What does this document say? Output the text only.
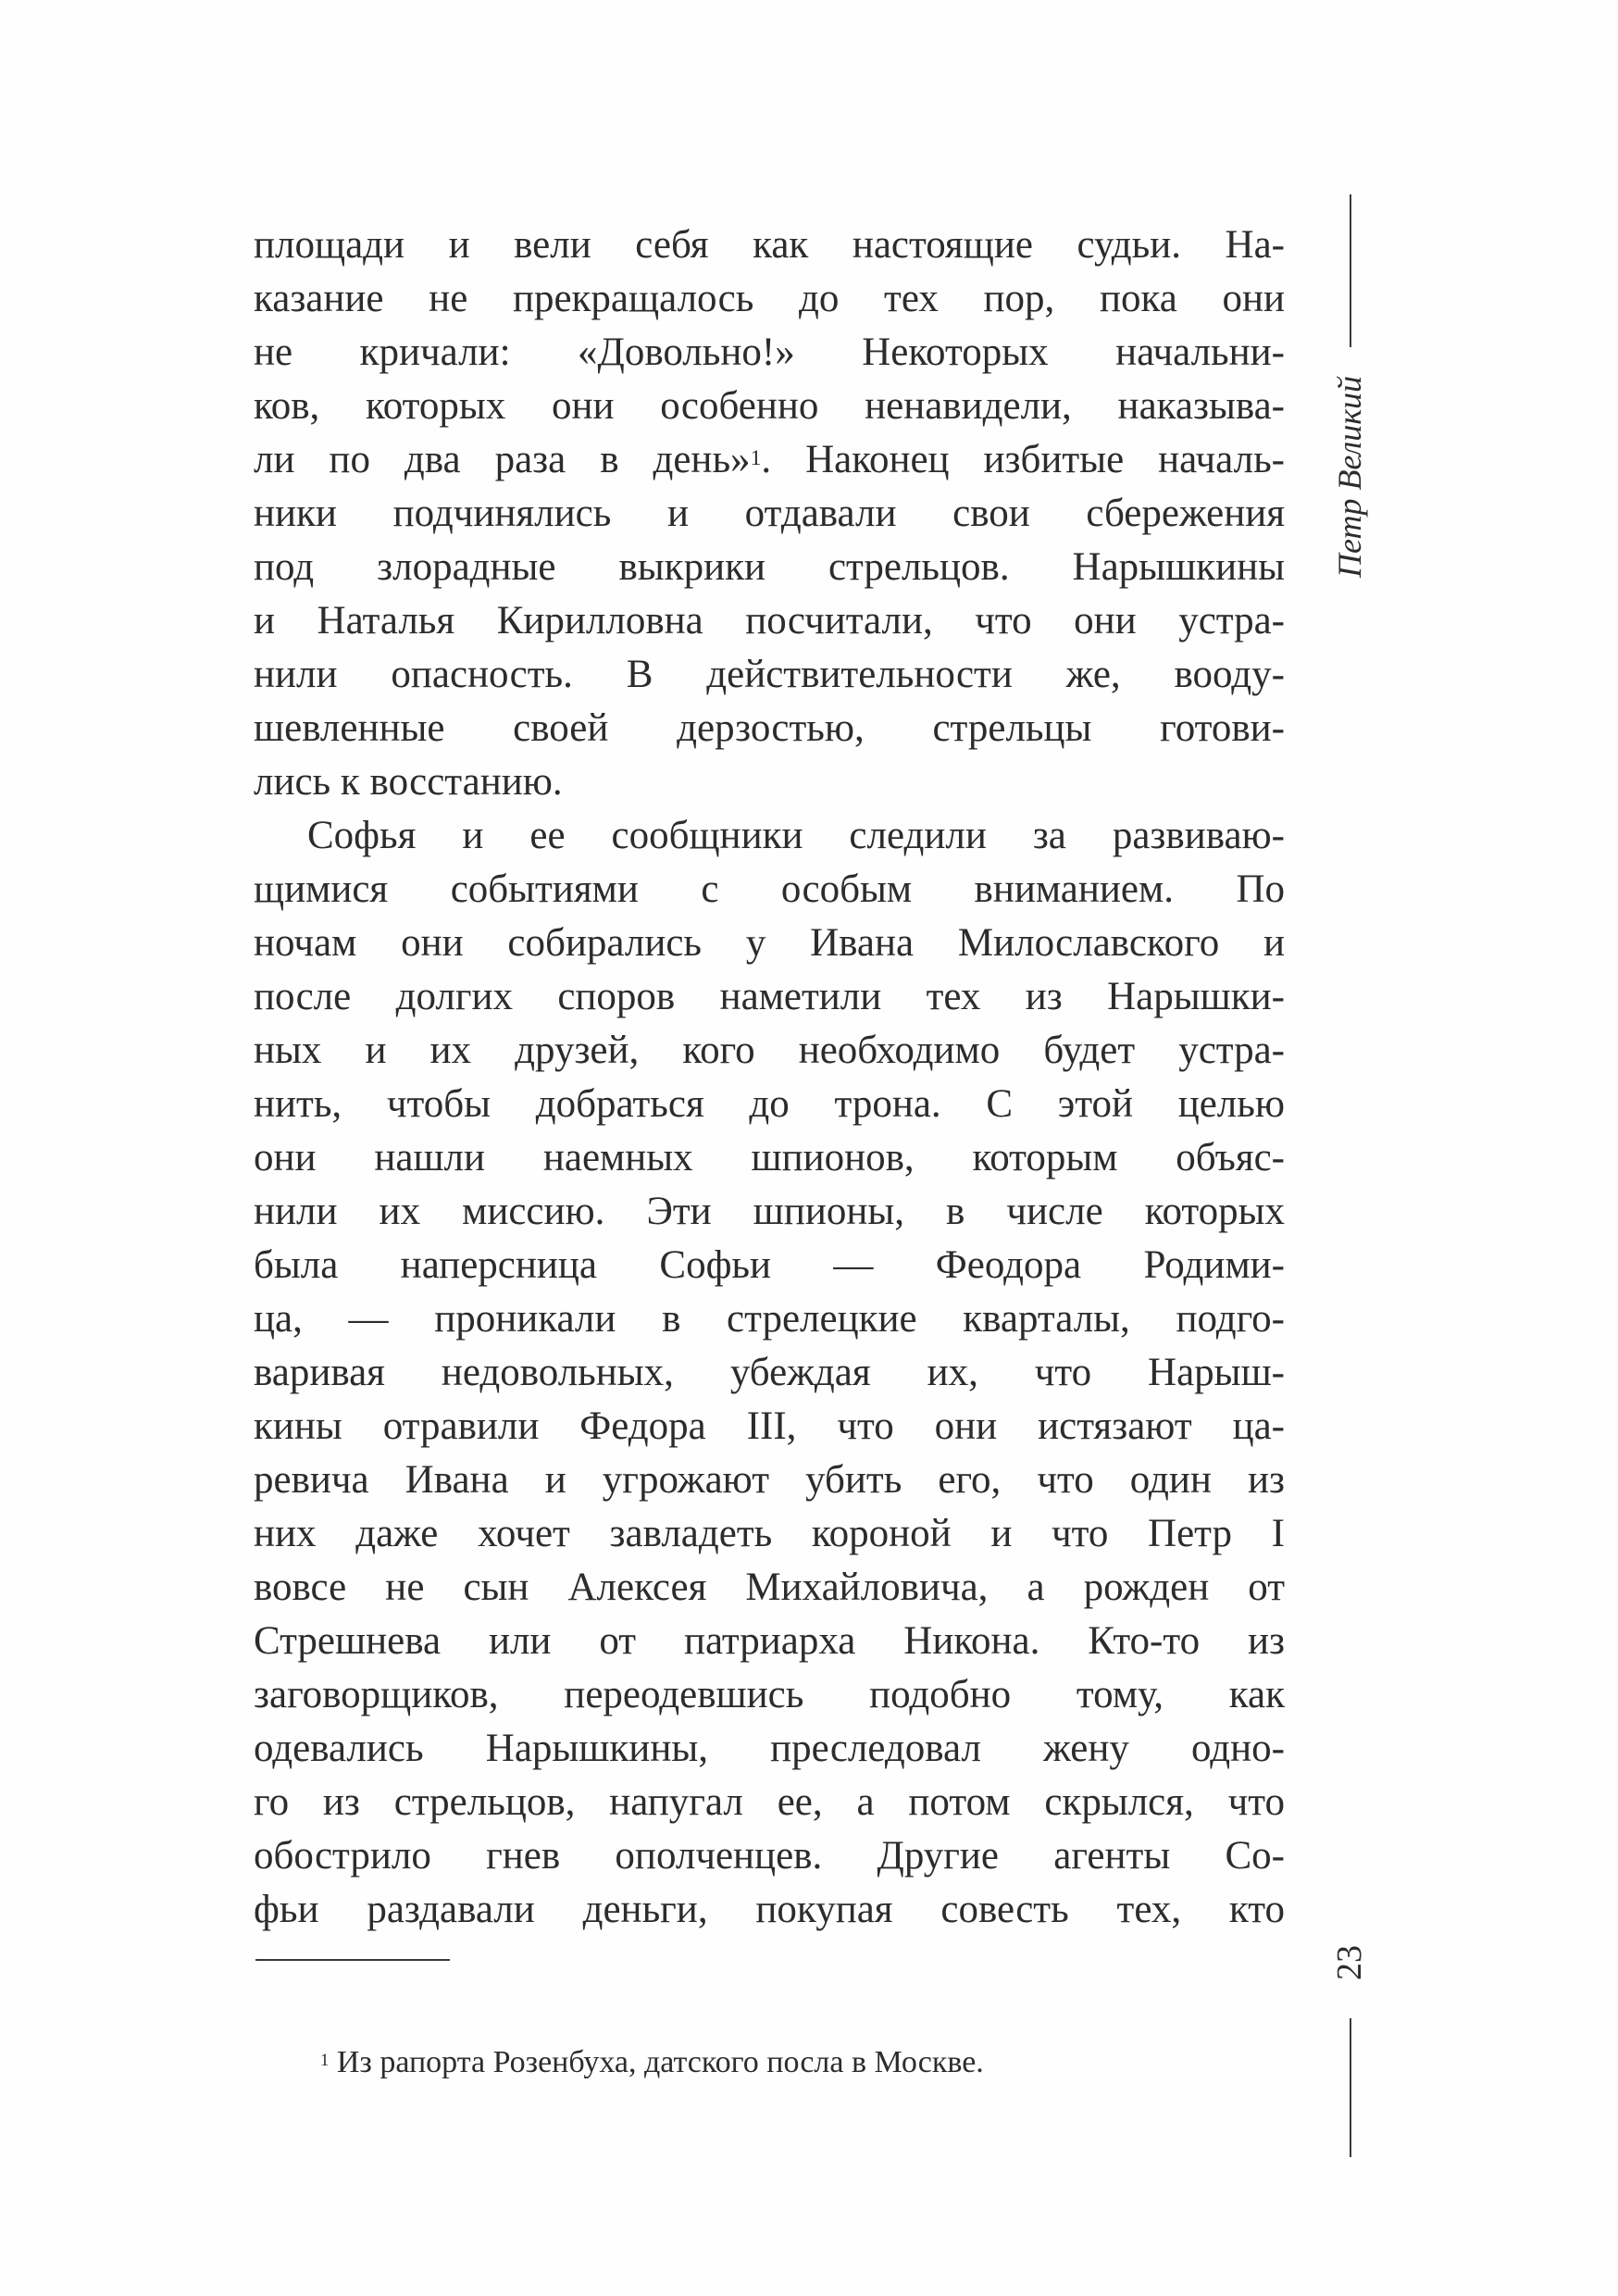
Петр Великий
площади и вели себя как настоящие судьи. На-
казание не прекращалось до тех пор, пока они
не кричали: «Довольно!» Некоторых начальни-
ков, которых они особенно ненавидели, наказыва-
ли по два раза в день»$^1$. Наконец избитые началь-
ники подчинялись и отдавали свои сбережения
под злорадные выкрики стрельцов. Нарышкины
и Наталья Кирилловна посчитали, что они устра-
нили опасность. В действительности же, вооду-
шевленные своей дерзостью, стрельцы готови-
лись к восстанию.
Софья и ее сообщники следили за развиваю-
щимися событиями с особым вниманием. По
ночам они собирались у Ивана Милославского и
после долгих споров наметили тех из Нарышки-
ных и их друзей, кого необходимо будет устра-
нить, чтобы добраться до трона. С этой целью
они нашли наемных шпионов, которым объяс-
нили их миссию. Эти шпионы, в числе которых
была наперсница Софьи — Феодора Родими-
ца, — проникали в стрелецкие кварталы, подго-
варивая недовольных, убеждая их, что Нарыш-
кины отравили Федора III, что они истязают ца-
ревича Ивана и угрожают убить его, что один из
них даже хочет завладеть короной и что Петр I
вовсе не сын Алексея Михайловича, а рожден от
Стрешнева или от патриарха Никона. Кто-то из
заговорщиков, переодевшись подобно тому, как
одевались Нарышкины, преследовал жену одно-
го из стрельцов, напугал ее, а потом скрылся, что
обострило гнев ополченцев. Другие агенты Со-
фьи раздавали деньги, покупая совесть тех, кто
23
$^1$ Из рапорта Розенбуха, датского посла в Москве.
